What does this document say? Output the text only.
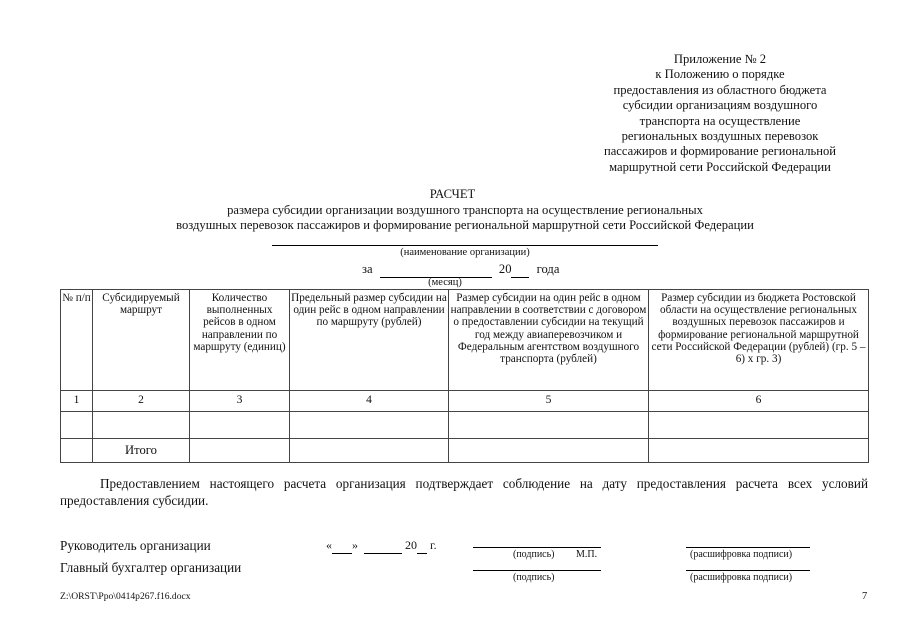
Приложение № 2
к Положению о порядке
предоставления из областного бюджета
субсидии организациям воздушного
транспорта на осуществление
региональных воздушных перевозок
пассажиров и формирование региональной
маршрутной сети Российской Федерации
РАСЧЕТ
размера субсидии организации воздушного транспорта на осуществление региональных
воздушных перевозок пассажиров и формирование региональной маршрутной сети Российской Федерации
(наименование организации)
за	20 года
(месяц)
№ п/п	Субсидируемый маршрут	Количество выполненных рейсов в одном направлении по маршруту (единиц)	Предельный размер субсидии на один рейс в одном направлении по маршруту (рублей)	Размер субсидии на один рейс в одном направлении в соответствии с договором о предоставлении субсидии на текущий год между авиаперевозчиком и Федеральным агентством воздушного транспорта (рублей)	Размер субсидии из бюджета Ростовской области на осуществление региональных воздушных перевозок пассажиров и формирование региональной маршрутной сети Российской Федерации (рублей) (гр. 5 – 6) х гр. 3)
1	2	3	4	5	6

	Итого				
Предоставлением настоящего расчета организация подтверждает соблюдение на дату предоставления расчета всех условий предоставления субсидии.
Руководитель организации	« »	20 г.
(подпись) М.П.	(расшифровка подписи)
Главный бухгалтер организации
(подпись)	(расшифровка подписи)
Z:\ORST\Ppo\0414p267.f16.docx	7
